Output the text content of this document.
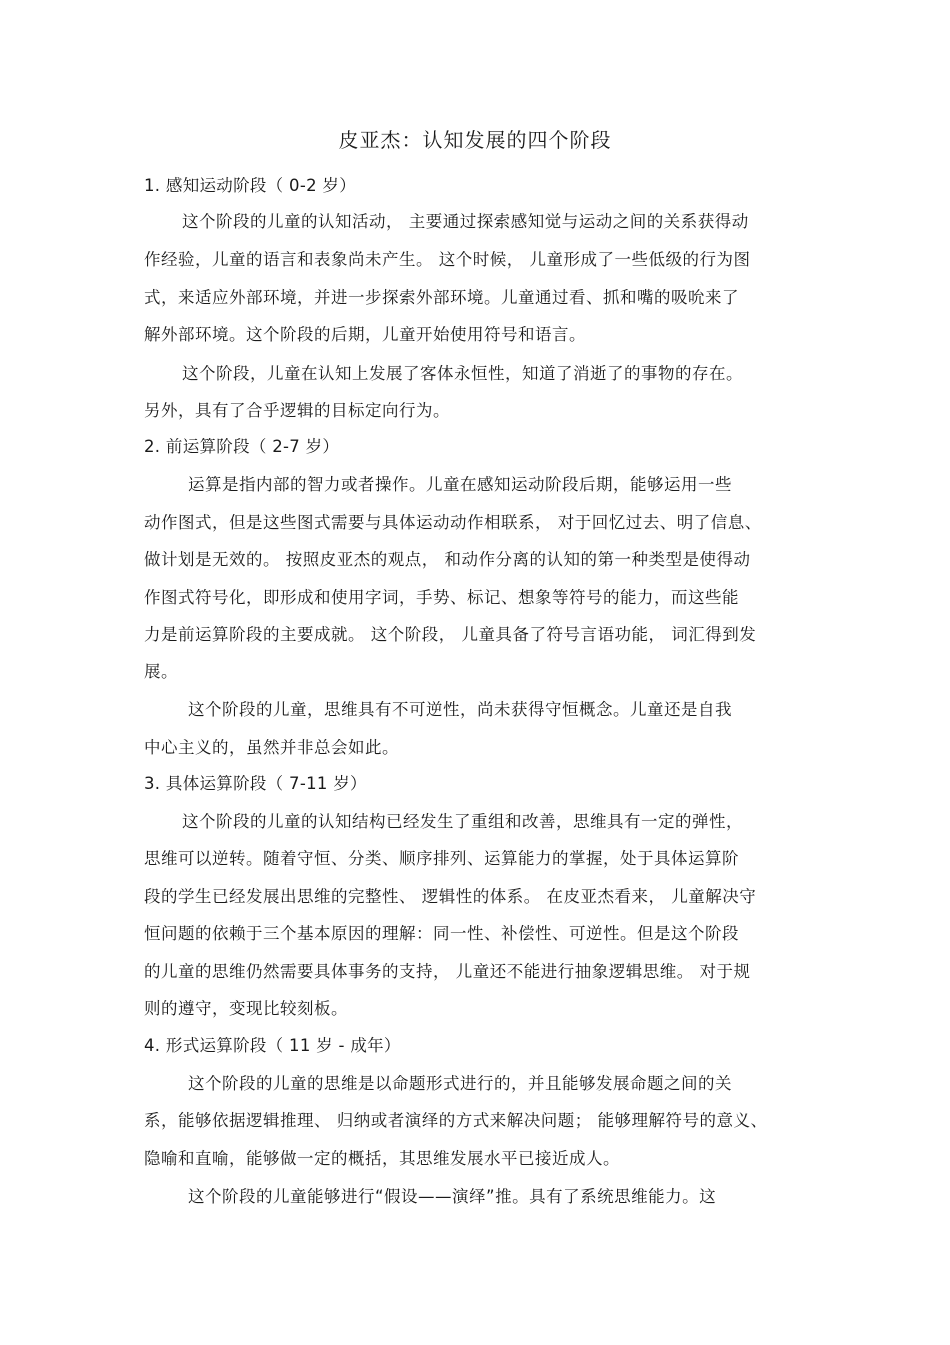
皮亚杰：认知发展的四个阶段
1. 感知运动阶段（ 0-2 岁）
这个阶段的儿童的认知活动， 主要通过探索感知觉与运动之间的关系获得动
作经验，儿童的语言和表象尚未产生。 这个时候， 儿童形成了一些低级的行为图
式，来适应外部环境，并进一步探索外部环境。儿童通过看、抓和嘴的吸吮来了
解外部环境。这个阶段的后期，儿童开始使用符号和语言。
这个阶段，儿童在认知上发展了客体永恒性，知道了消逝了的事物的存在。
另外，具有了合乎逻辑的目标定向行为。
2. 前运算阶段（ 2-7 岁）
运算是指内部的智力或者操作。儿童在感知运动阶段后期，能够运用一些
动作图式，但是这些图式需要与具体运动动作相联系， 对于回忆过去、明了信息、
做计划是无效的。 按照皮亚杰的观点， 和动作分离的认知的第一种类型是使得动
作图式符号化，即形成和使用字词，手势、标记、想象等符号的能力，而这些能
力是前运算阶段的主要成就。 这个阶段， 儿童具备了符号言语功能， 词汇得到发
展。
这个阶段的儿童，思维具有不可逆性，尚未获得守恒概念。儿童还是自我
中心主义的，虽然并非总会如此。
3. 具体运算阶段（ 7-11 岁）
这个阶段的儿童的认知结构已经发生了重组和改善，思维具有一定的弹性，
思维可以逆转。随着守恒、分类、顺序排列、运算能力的掌握，处于具体运算阶
段的学生已经发展出思维的完整性、 逻辑性的体系。 在皮亚杰看来， 儿童解决守
恒问题的依赖于三个基本原因的理解：同一性、补偿性、可逆性。但是这个阶段
的儿童的思维仍然需要具体事务的支持， 儿童还不能进行抽象逻辑思维。 对于规
则的遵守，变现比较刻板。
4. 形式运算阶段（ 11 岁 - 成年）
这个阶段的儿童的思维是以命题形式进行的，并且能够发展命题之间的关
系，能够依据逻辑推理、 归纳或者演绎的方式来解决问题； 能够理解符号的意义、
隐喻和直喻，能够做一定的概括，其思维发展水平已接近成人。
这个阶段的儿童能够进行“假设——演绎”推。具有了系统思维能力。这
